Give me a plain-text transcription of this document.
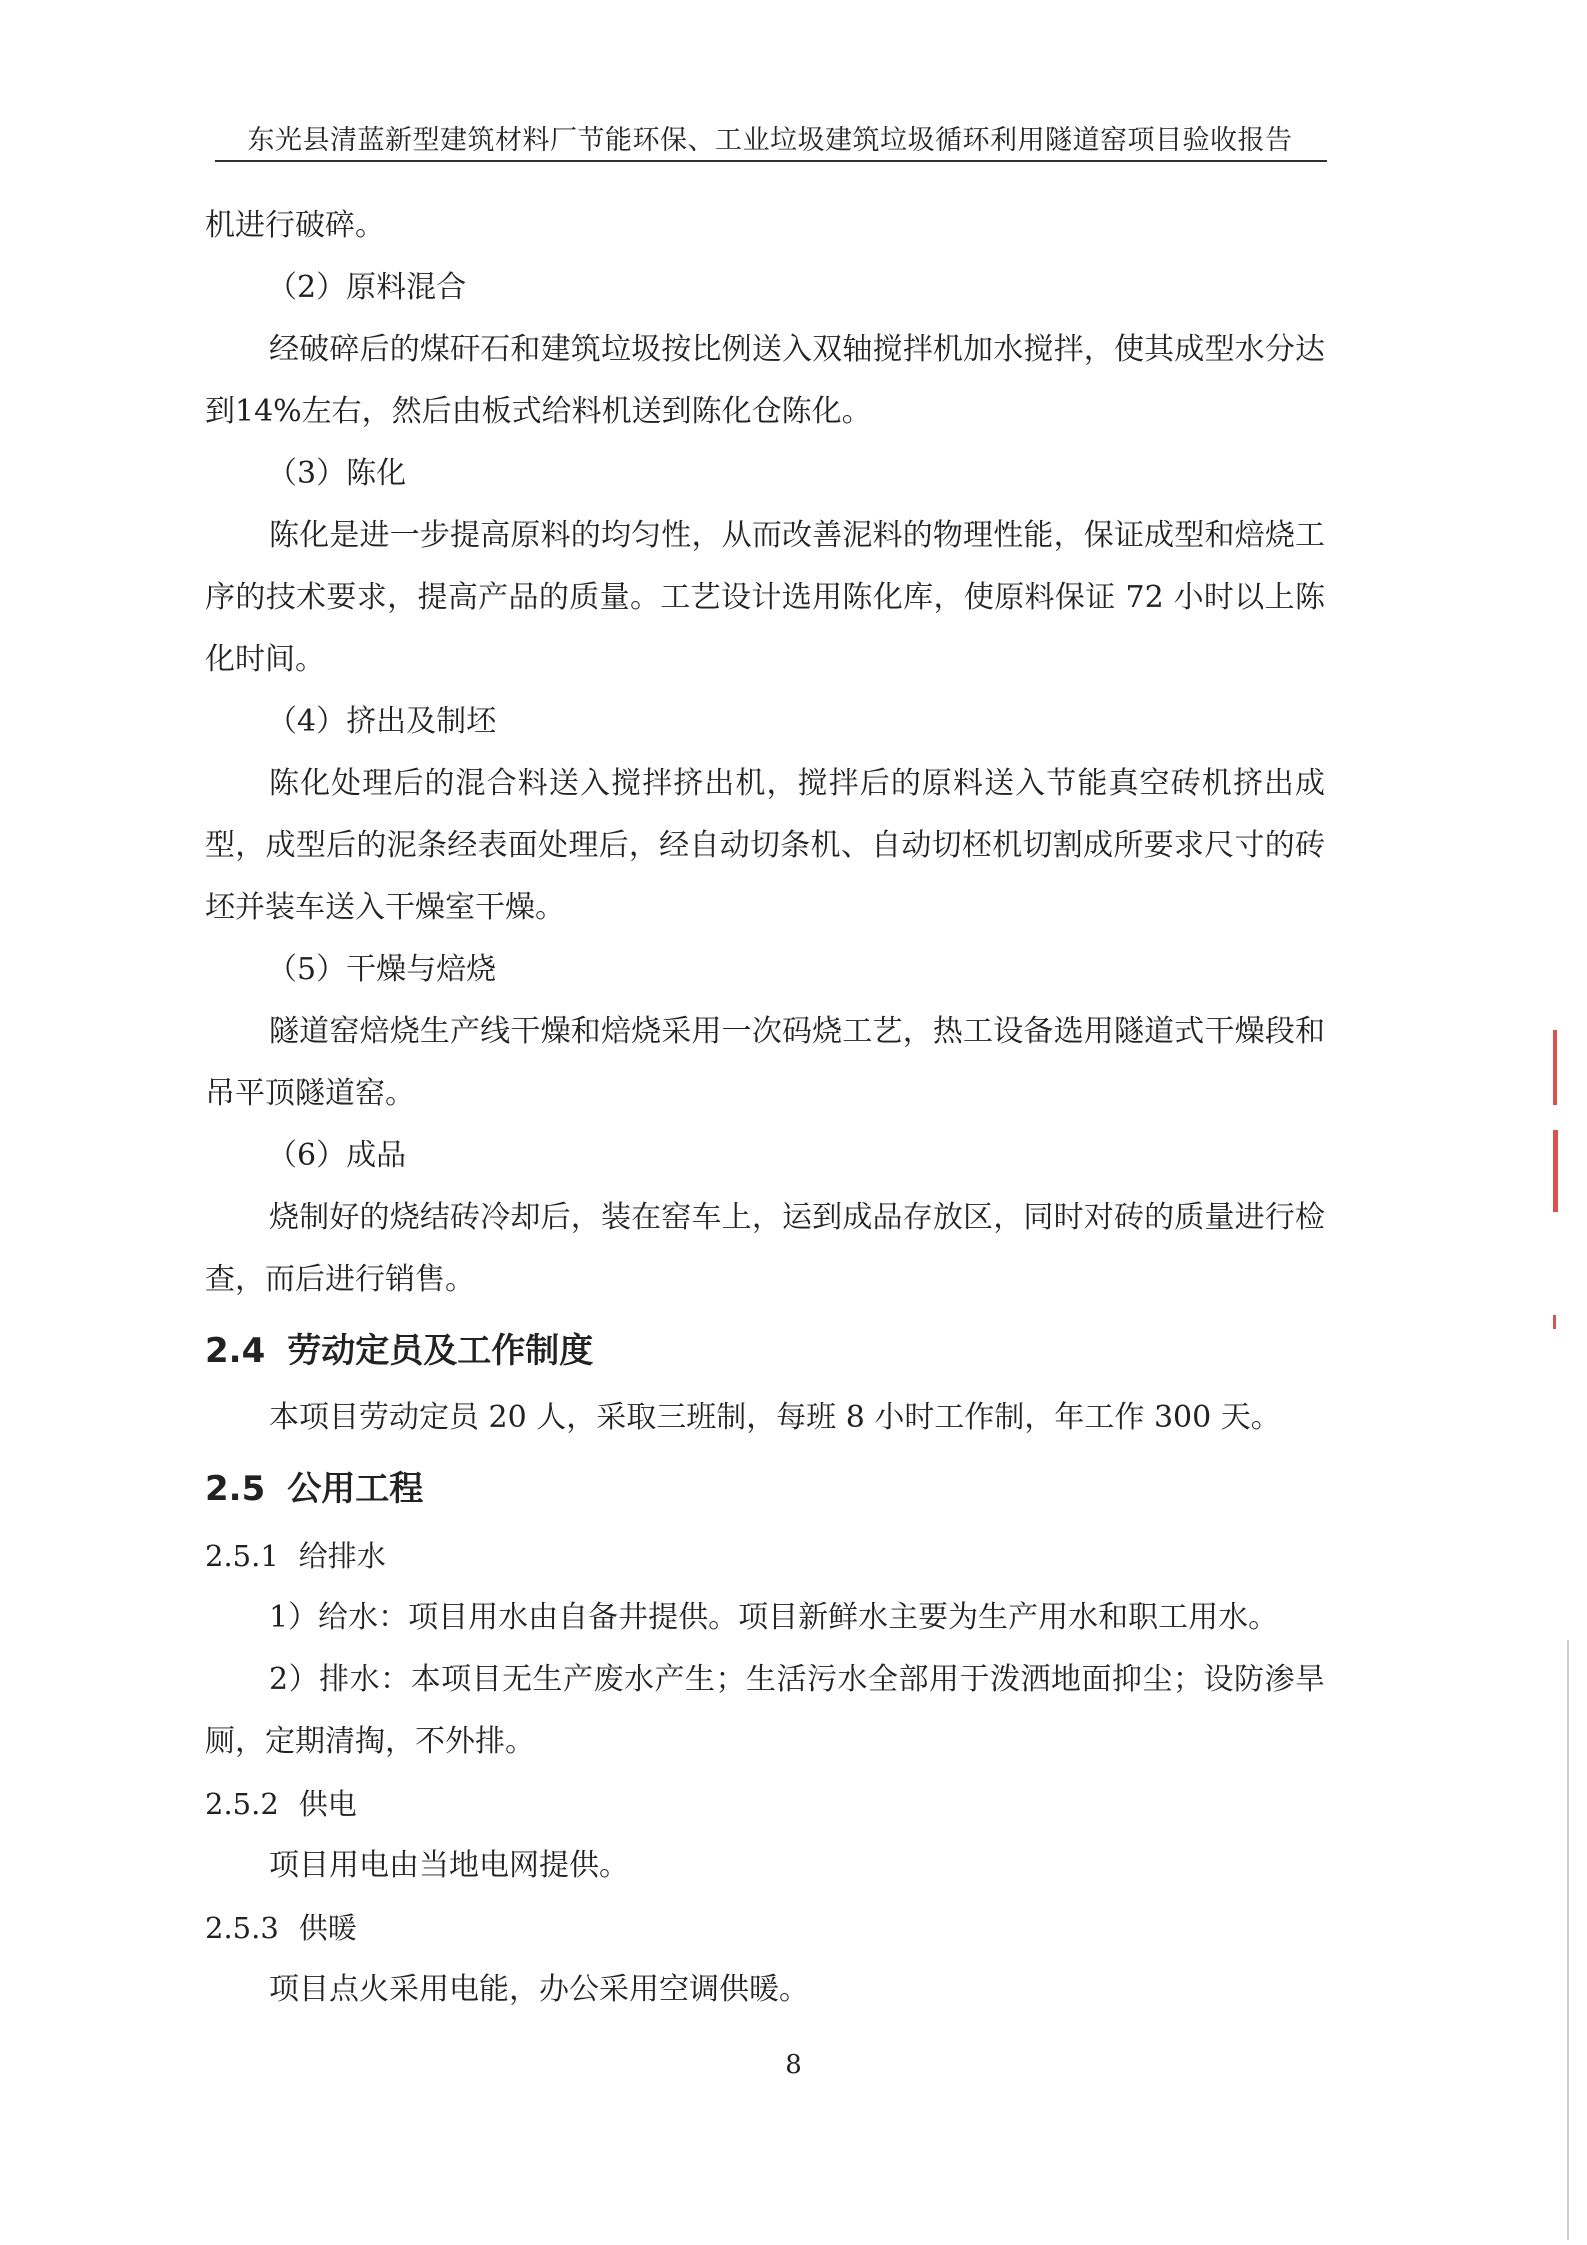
东光县清蓝新型建筑材料厂节能环保、工业垃圾建筑垃圾循环利用隧道窑项目验收报告

机进行破碎。

（2）原料混合

经破碎后的煤矸石和建筑垃圾按比例送入双轴搅拌机加水搅拌，使其成型水分达到14%左右，然后由板式给料机送到陈化仓陈化。

（3）陈化

陈化是进一步提高原料的均匀性，从而改善泥料的物理性能，保证成型和焙烧工序的技术要求，提高产品的质量。工艺设计选用陈化库，使原料保证 72 小时以上陈化时间。

（4）挤出及制坯

陈化处理后的混合料送入搅拌挤出机，搅拌后的原料送入节能真空砖机挤出成型，成型后的泥条经表面处理后，经自动切条机、自动切柸机切割成所要求尺寸的砖坯并装车送入干燥室干燥。

（5）干燥与焙烧

隧道窑焙烧生产线干燥和焙烧采用一次码烧工艺，热工设备选用隧道式干燥段和吊平顶隧道窑。

（6）成品

烧制好的烧结砖冷却后，装在窑车上，运到成品存放区，同时对砖的质量进行检查，而后进行销售。

2.4 劳动定员及工作制度

本项目劳动定员 20 人，采取三班制，每班 8 小时工作制，年工作 300 天。

2.5 公用工程
2.5.1 给排水

1）给水：项目用水由自备井提供。项目新鲜水主要为生产用水和职工用水。

2）排水：本项目无生产废水产生；生活污水全部用于泼洒地面抑尘；设防渗旱厕，定期清掏，不外排。

2.5.2 供电

项目用电由当地电网提供。

2.5.3 供暖

项目点火采用电能，办公采用空调供暖。

8
